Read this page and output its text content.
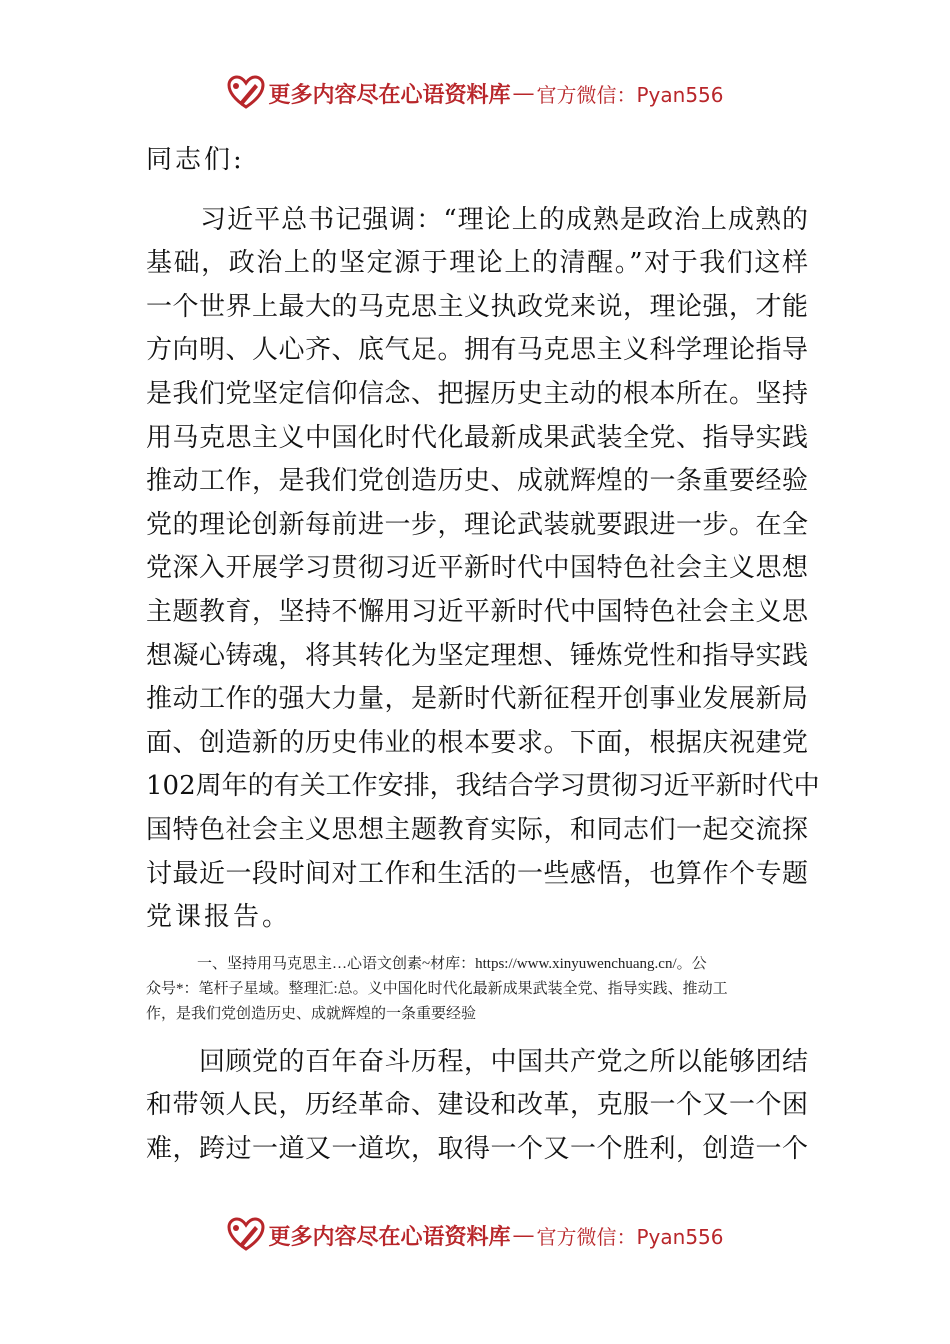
更多内容尽在心语资料库 — 官方微信：Pyan556
同志们:
　　习近平总书记强调：“理论上的成熟是政治上成熟的
基础，政治上的坚定源于理论上的清醒。”对于我们这样
一个世界上最大的马克思主义执政党来说，理论强，才能
方向明、人心齐、底气足。拥有马克思主义科学理论指导
是我们党坚定信仰信念、把握历史主动的根本所在。坚持
用马克思主义中国化时代化最新成果武装全党、指导实践
推动工作，是我们党创造历史、成就辉煌的一条重要经验
党的理论创新每前进一步，理论武装就要跟进一步。在全
党深入开展学习贯彻习近平新时代中国特色社会主义思想
主题教育，坚持不懈用习近平新时代中国特色社会主义思
想凝心铸魂，将其转化为坚定理想、锤炼党性和指导实践
推动工作的强大力量，是新时代新征程开创事业发展新局
面、创造新的历史伟业的根本要求。下面，根据庆祝建党
102周年的有关工作安排，我结合学习贯彻习近平新时代中
国特色社会主义思想主题教育实际，和同志们一起交流探
讨最近一段时间对工作和生活的一些感悟，也算作个专题
党课报告。
一、坚持用马克思主…心语文创素~材库：https://www.xinyuwenchuang.cn/。公
众号*：笔杆子星域。整理汇:总。义中国化时代化最新成果武装全党、指导实践、推动工
作，是我们党创造历史、成就辉煌的一条重要经验
　　回顾党的百年奋斗历程，中国共产党之所以能够团结
和带领人民，历经革命、建设和改革，克服一个又一个困
难，跨过一道又一道坎，取得一个又一个胜利，创造一个
更多内容尽在心语资料库 — 官方微信：Pyan556
